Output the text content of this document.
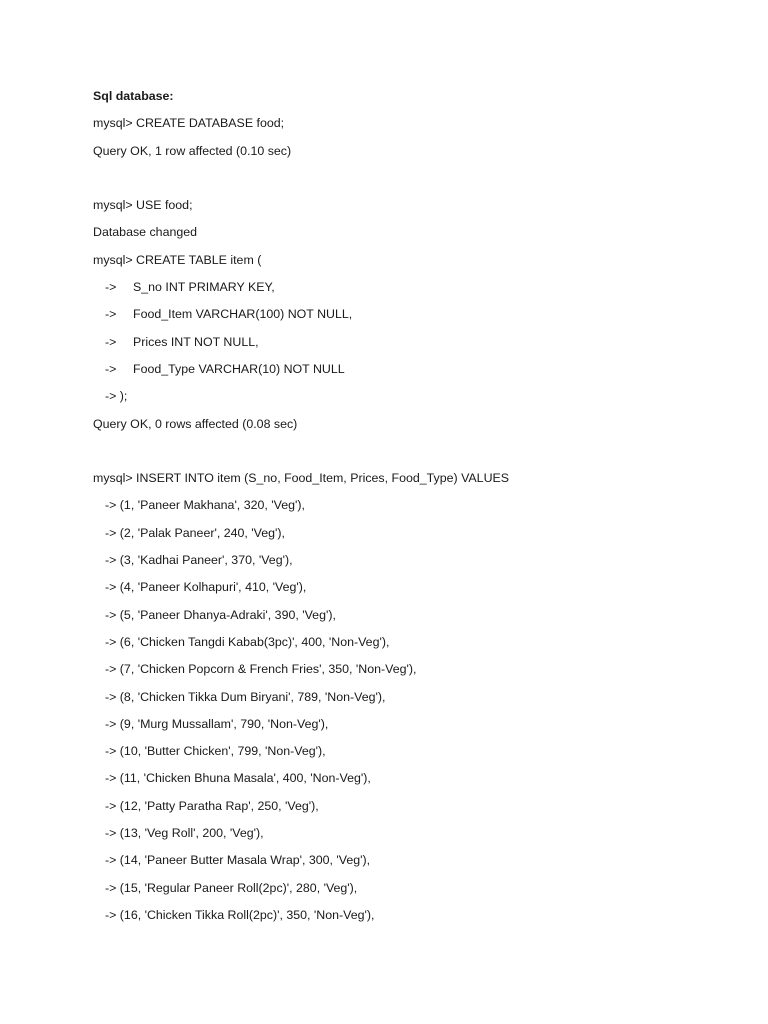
Sql database:
mysql> CREATE DATABASE food;
Query OK, 1 row affected (0.10 sec)
mysql> USE food;
Database changed
mysql> CREATE TABLE item (
-> S_no INT PRIMARY KEY,
-> Food_Item VARCHAR(100) NOT NULL,
-> Prices INT NOT NULL,
-> Food_Type VARCHAR(10) NOT NULL
-> );
Query OK, 0 rows affected (0.08 sec)
mysql> INSERT INTO item (S_no, Food_Item, Prices, Food_Type) VALUES
-> (1, 'Paneer Makhana', 320, 'Veg'),
-> (2, 'Palak Paneer', 240, 'Veg'),
-> (3, 'Kadhai Paneer', 370, 'Veg'),
-> (4, 'Paneer Kolhapuri', 410, 'Veg'),
-> (5, 'Paneer Dhanya-Adraki', 390, 'Veg'),
-> (6, 'Chicken Tangdi Kabab(3pc)', 400, 'Non-Veg'),
-> (7, 'Chicken Popcorn & French Fries', 350, 'Non-Veg'),
-> (8, 'Chicken Tikka Dum Biryani', 789, 'Non-Veg'),
-> (9, 'Murg Mussallam', 790, 'Non-Veg'),
-> (10, 'Butter Chicken', 799, 'Non-Veg'),
-> (11, 'Chicken Bhuna Masala', 400, 'Non-Veg'),
-> (12, 'Patty Paratha Rap', 250, 'Veg'),
-> (13, 'Veg Roll', 200, 'Veg'),
-> (14, 'Paneer Butter Masala Wrap', 300, 'Veg'),
-> (15, 'Regular Paneer Roll(2pc)', 280, 'Veg'),
-> (16, 'Chicken Tikka Roll(2pc)', 350, 'Non-Veg'),
